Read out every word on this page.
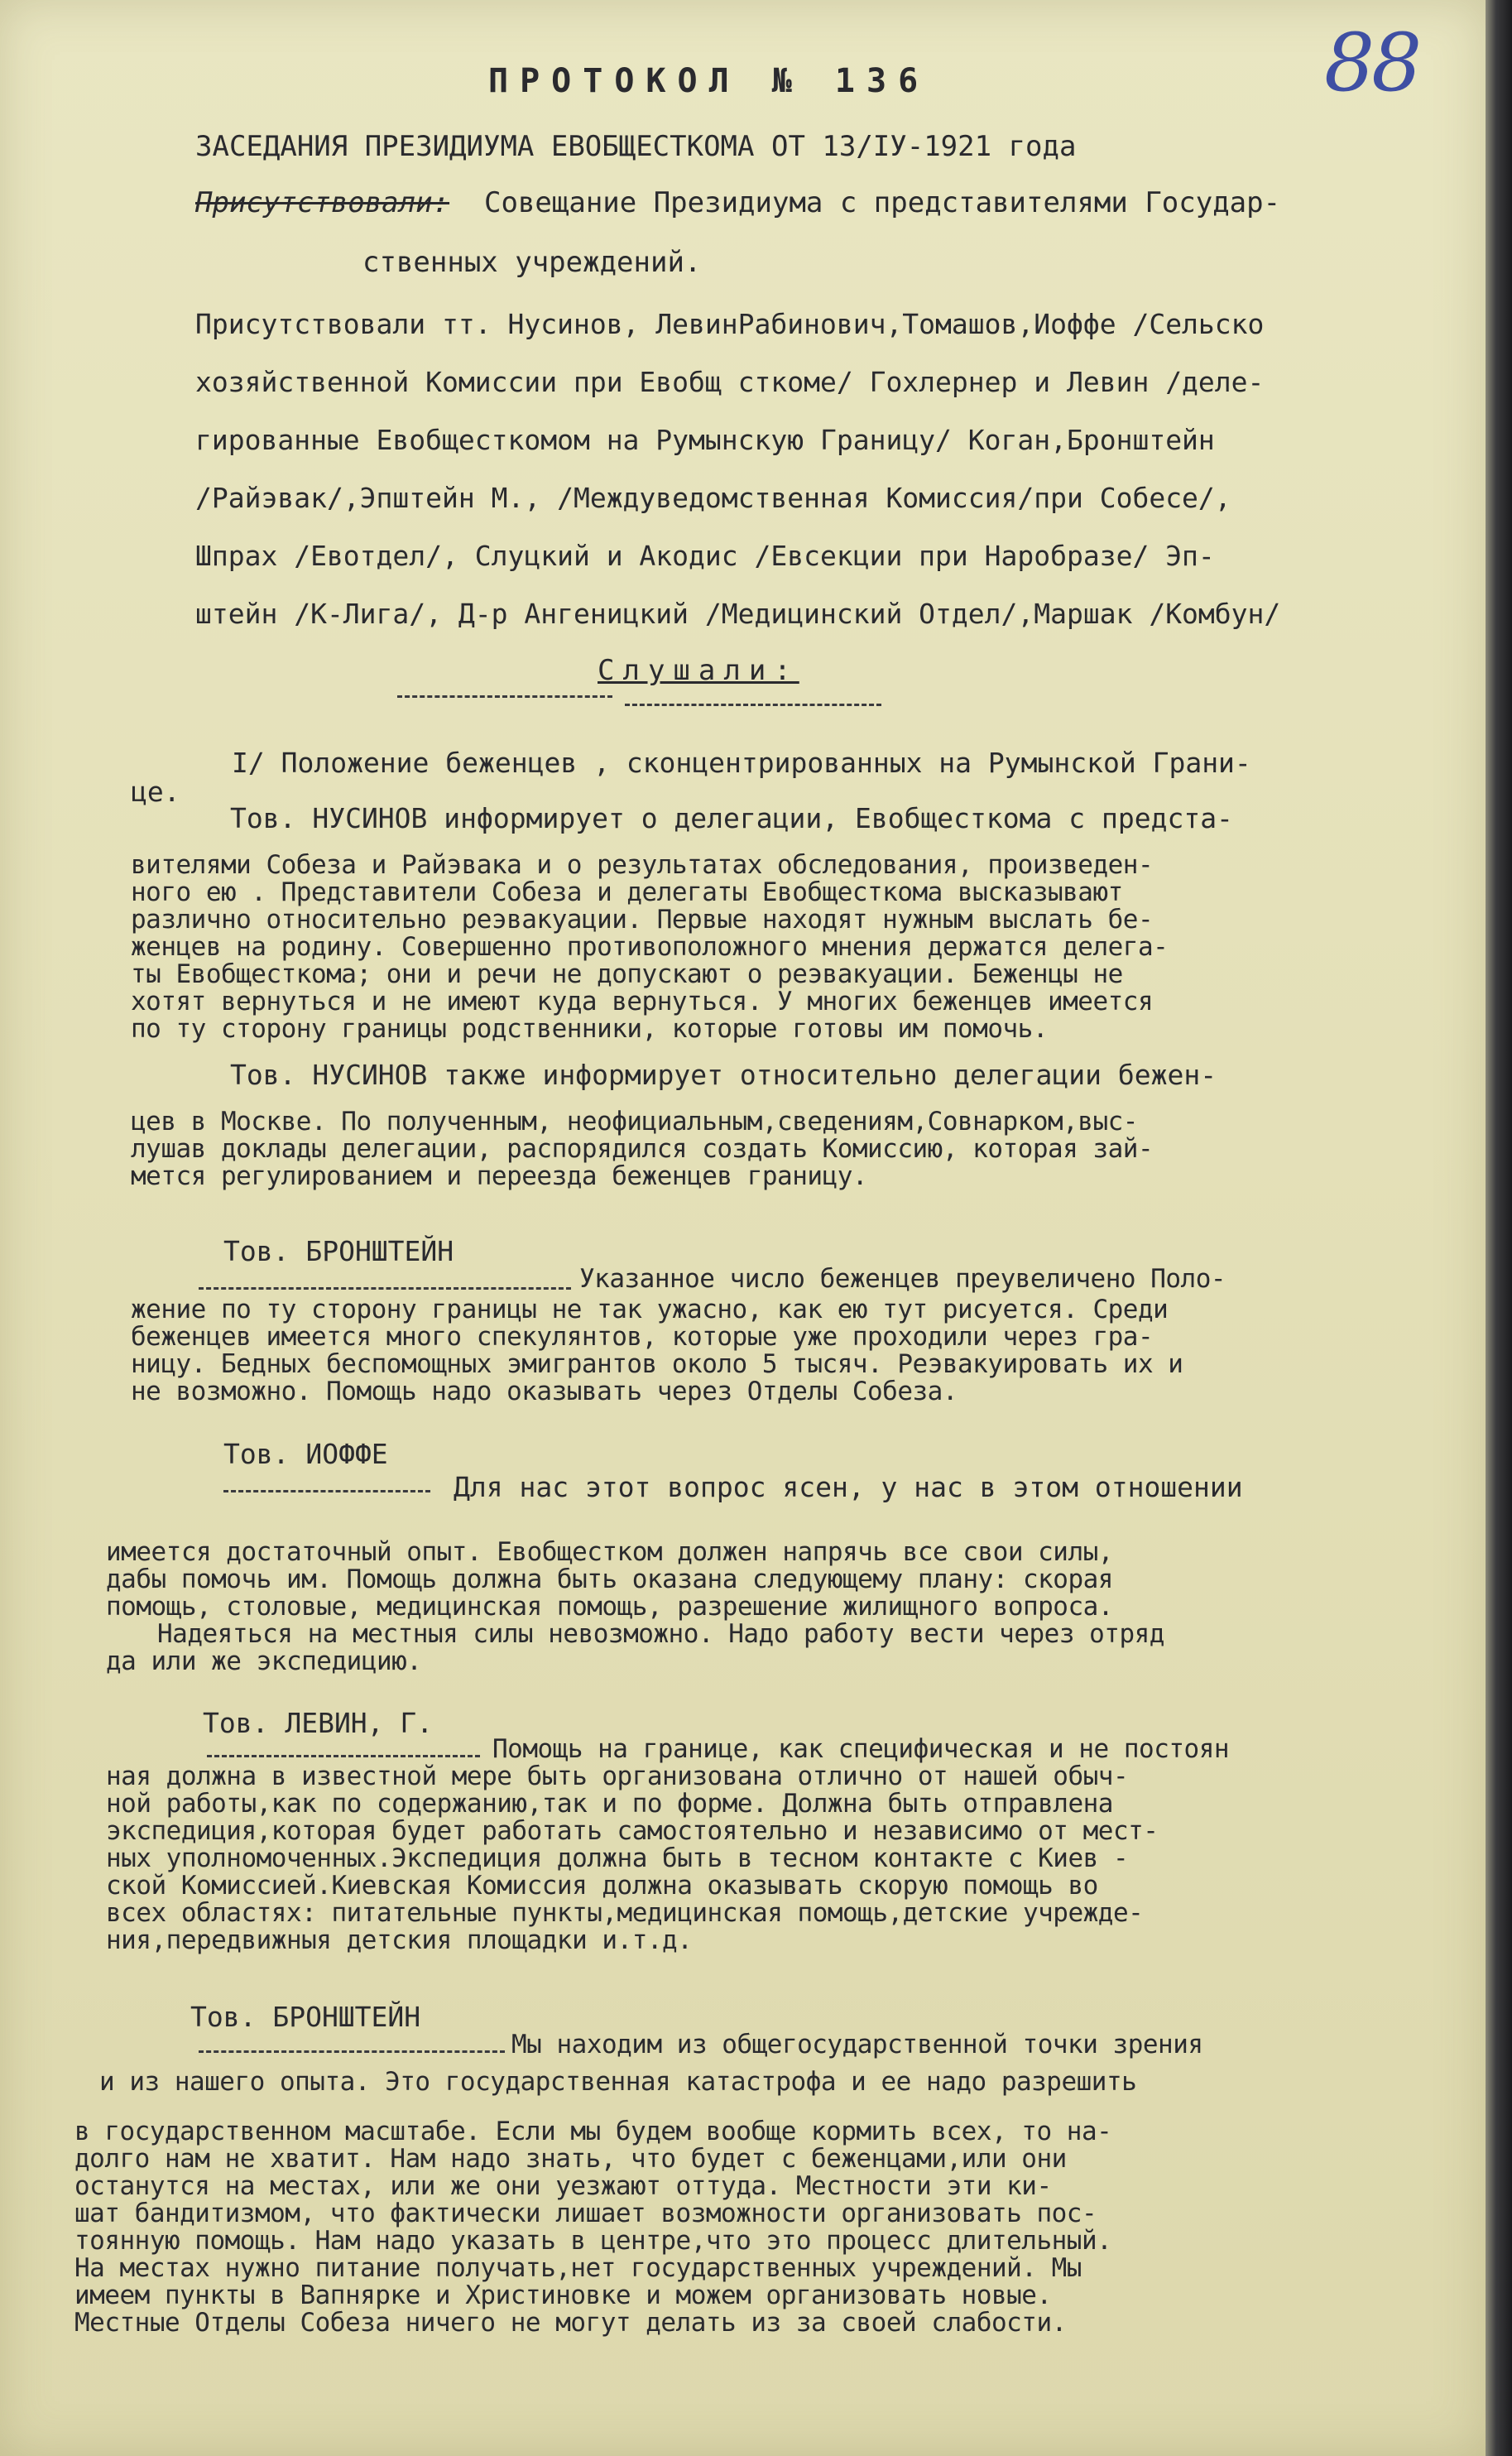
88
ПРОТОКОЛ № 136
ЗАСЕДАНИЯ ПРЕЗИДИУМА ЕВОБЩЕСТКОМА ОТ 13/IУ-1921 года
Присутствовали: Совещание Президиума с представителями Государ-
ственных учреждений.
Присутствовали тт. Нусинов, ЛевинРабинович,Томашов,Иоффе /Сельско
хозяйственной Комиссии при Евобщ сткоме/ Гохлернер и Левин /деле-
гированные Евобщесткомом на Румынскую Границу/ Коган,Бронштейн
/Райэвак/,Эпштейн М., /Междуведомственная Комиссия/при Собесе/,
Шпрах /Евотдел/, Слуцкий и Акодис /Евсекции при Наробразе/ Эп-
штейн /К-Лига/, Д-р Ангеницкий /Медицинский Отдел/,Маршак /Комбун/
Слушали:
I/ Положение беженцев , сконцентрированных на Румынской Грани-
це.
Тов. НУСИНОВ информирует о делегации, Евобщесткома с предста-
вителями Собеза и Райэвака и о результатах обследования, произведен-
ного ею . Представители Собеза и делегаты Евобщесткома высказывают
различно относительно реэвакуации. Первые находят нужным выслать бе-
женцев на родину. Совершенно противоположного мнения держатся делега-
ты Евобщесткома; они и речи не допускают о реэвакуации. Беженцы не
хотят вернуться и не имеют куда вернуться. У многих беженцев имеется
по ту сторону границы родственники, которые готовы им помочь.
Тов. НУСИНОВ также информирует относительно делегации бежен-
цев в Москве. По полученным, неофициальным,сведениям,Совнарком,выс-
лушав доклады делегации, распорядился создать Комиссию, которая зай-
мется регулированием и переезда беженцев границу.
Тов. БРОНШТЕЙН
Указанное число беженцев преувеличено Поло-
жение по ту сторону границы не так ужасно, как ею тут рисуется. Среди
беженцев имеется много спекулянтов, которые уже проходили через гра-
ницу. Бедных беспомощных эмигрантов около 5 тысяч. Реэвакуировать их и
не возможно. Помощь надо оказывать через Отделы Собеза.
Тов. ИОФФЕ
Для нас этот вопрос ясен, у нас в этом отношении
имеется достаточный опыт. Евобщестком должен напрячь все свои силы,
дабы помочь им. Помощь должна быть оказана следующему плану: скорая
помощь, столовые, медицинская помощь, разрешение жилищного вопроса.
Надеяться на местныя силы невозможно. Надо работу вести через отряд
да или же экспедицию.
Тов. ЛЕВИН, Г.
Помощь на границе, как специфическая и не постоян
ная должна в известной мере быть организована отлично от нашей обыч-
ной работы,как по содержанию,так и по форме. Должна быть отправлена
экспедиция,которая будет работать самостоятельно и независимо от мест-
ных уполномоченных.Экспедиция должна быть в тесном контакте с Киев -
ской Комиссией.Киевская Комиссия должна оказывать скорую помощь во
всех областях: питательные пункты,медицинская помощь,детские учрежде-
ния,передвижныя детския площадки и.т.д.
Тов. БРОНШТЕЙН
Мы находим из общегосударственной точки зрения
и из нашего опыта. Это государственная катастрофа и ее надо разрешить
в государственном масштабе. Если мы будем вообще кормить всех, то на-
долго нам не хватит. Нам надо знать, что будет с беженцами,или они
останутся на местах, или же они уезжают оттуда. Местности эти ки-
шат бандитизмом, что фактически лишает возможности организовать пос-
тоянную помощь. Нам надо указать в центре,что это процесс длительный.
На местах нужно питание получать,нет государственных учреждений. Мы
имеем пункты в Вапнярке и Христиновке и можем организовать новые.
Местные Отделы Собеза ничего не могут делать из за своей слабости.
